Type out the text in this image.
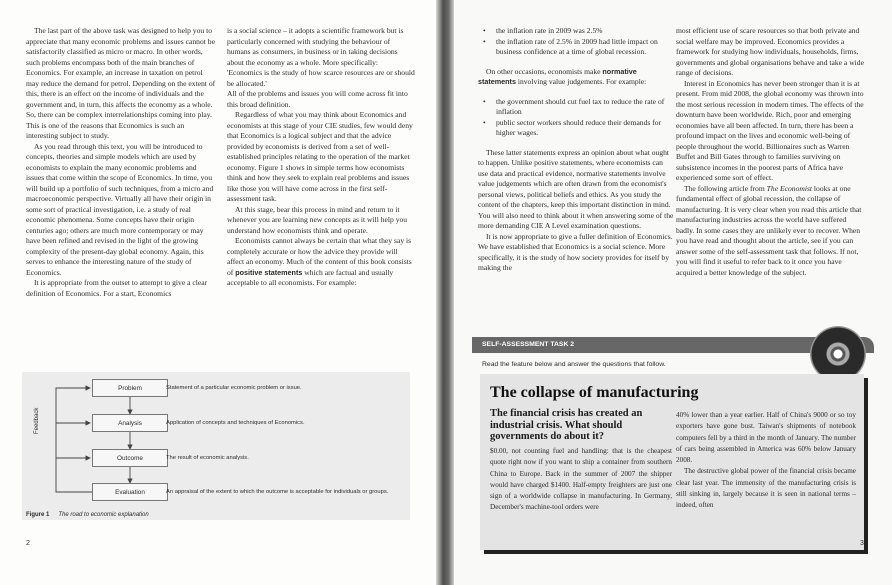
The last part of the above task was designed to help you to appreciate that many economic problems and issues cannot be satisfactorily classified as micro or macro. In other words, such problems encompass both of the main branches of Economics. For example, an increase in taxation on petrol may reduce the demand for petrol. Depending on the extent of this, there is an effect on the income of individuals and the government and, in turn, this affects the economy as a whole. So, there can be complex interrelationships coming into play. This is one of the reasons that Economics is such an interesting subject to study.

As you read through this text, you will be introduced to concepts, theories and simple models which are used by economists to explain the many economic problems and issues that come within the scope of Economics. In time, you will build up a portfolio of such techniques, from a micro and macroeconomic perspective. Virtually all have their origin in some sort of practical investigation, i.e. a study of real economic phenomena. Some concepts have their origin centuries ago; others are much more contemporary or may have been refined and revised in the light of the growing complexity of the present-day global economy. Again, this serves to enhance the interesting nature of the study of Economics.

It is appropriate from the outset to attempt to give a clear definition of Economics. For a start, Economics

is a social science – it adopts a scientific framework but is particularly concerned with studying the behaviour of humans as consumers, in business or in taking decisions about the economy as a whole. More specifically:

'Economics is the study of how scarce resources are or should be allocated.'

All of the problems and issues you will come across fit into this broad definition.

Regardless of what you may think about Economics and economists at this stage of your CIE studies, few would deny that Economics is a logical subject and that the advice provided by economists is derived from a set of well-established principles relating to the operation of the market economy. Figure 1 shows in simple terms how economists think and how they seek to explain real problems and issues like those you will have come across in the first self-assessment task.

At this stage, bear this process in mind and return to it whenever you are learning new concepts as it will help you understand how economists think and operate.

Economists cannot always be certain that what they say is completely accurate or how the advice they provide will affect an economy. Much of the content of this book consists of positive statements which are factual and usually acceptable to all economists. For example:

Feedback
Problem	Statement of a particular economic problem or issue.
Analysis	Application of concepts and techniques of Economics.
Outcome	The result of economic analysis.
Evaluation	An appraisal of the extent to which the outcome is acceptable for individuals or groups.
Figure 1 The road to economic explanation
2
• the inflation rate in 2009 was 2.5%
• the inflation rate of 2.5% in 2009 had little impact on business confidence at a time of global recession.

On other occasions, economists make normative statements involving value judgements. For example:

• the government should cut fuel tax to reduce the rate of inflation
• public sector workers should reduce their demands for higher wages.

These latter statements express an opinion about what ought to happen. Unlike positive statements, where economists can use data and practical evidence, normative statements involve value judgements which are often drawn from the economist's personal views, political beliefs and ethics. As you study the content of the chapters, keep this important distinction in mind. You will also need to think about it when answering some of the more demanding CIE A Level examination questions.

It is now appropriate to give a fuller definition of Economics. We have established that Economics is a social science. More specifically, it is the study of how society provides for itself by making the

most efficient use of scare resources so that both private and social welfare may be improved. Economics provides a framework for studying how individuals, households, firms, governments and global organisations behave and take a wide range of decisions.

Interest in Economics has never been stronger than it is at present. From mid 2008, the global economy was thrown into the most serious recession in modern times. The effects of the downturn have been worldwide. Rich, poor and emerging economies have all been affected. In turn, there has been a profound impact on the lives and economic well-being of people throughout the world. Billionaires such as Warren Buffet and Bill Gates through to families surviving on subsistence incomes in the poorest parts of Africa have experienced some sort of effect.

The following article from The Economist looks at one fundamental effect of global recession, the collapse of manufacturing. It is very clear when you read this article that manufacturing industries across the world have suffered badly. In some cases they are unlikely ever to recover. When you have read and thought about the article, see if you can answer some of the self-assessment task that follows. If not, you will find it useful to refer back to it once you have acquired a better knowledge of the subject.

SELF-ASSESSMENT TASK 2
Read the feature below and answer the questions that follow.
The collapse of manufacturing
The financial crisis has created an industrial crisis. What should governments do about it?
$0.00, not counting fuel and handling: that is the cheapest quote right now if you want to ship a container from southern China to Europe. Back in the summer of 2007 the shipper would have charged $1400. Half-empty freighters are just one sign of a worldwide collapse in manufacturing. In Germany, December's machine-tool orders were

40% lower than a year earlier. Half of China's 9000 or so toy exporters have gone bust. Taiwan's shipments of notebook computers fell by a third in the month of January. The number of cars being assembled in America was 60% below January 2008.

The destructive global power of the financial crisis became clear last year. The immensity of the manufacturing crisis is still sinking in, largely because it is seen in national terms – indeed, often

3
